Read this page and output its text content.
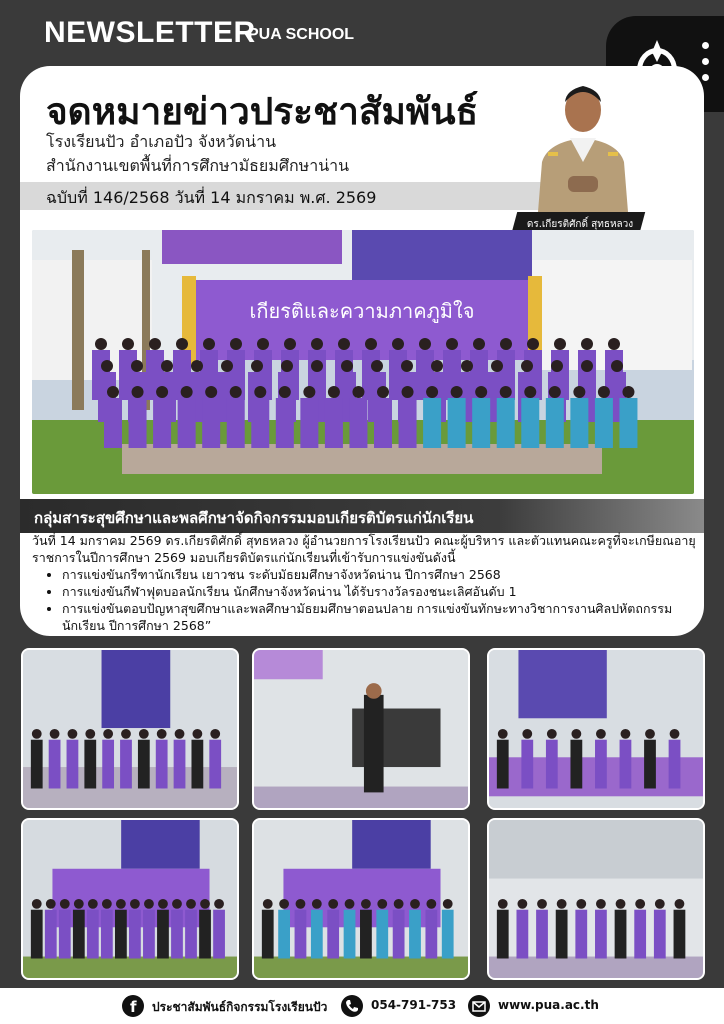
NEWSLETTER
PUA SCHOOL
จดหมายข่าวประชาสัมพันธ์
โรงเรียนปัว อำเภอปัว จังหวัดน่าน
สำนักงานเขตพื้นที่การศึกษามัธยมศึกษาน่าน
ฉบับที่ 146/2568 วันที่ 14 มกราคม พ.ศ. 2569
ดร.เกียรติศักดิ์ สุทธหลวง
เกียรติและความภาคภูมิใจ
กลุ่มสาระสุขศึกษาและพลศึกษาจัดกิจกรรมมอบเกียรติบัตรแก่นักเรียน

วันที่ 14 มกราคม 2569 ดร.เกียรติศักดิ์ สุทธหลวง ผู้อำนวยการโรงเรียนปัว คณะผู้บริหาร และตัวแทนคณะครูที่จะเกษียณอายุราชการในปีการศึกษา 2569 มอบเกียรติบัตรแก่นักเรียนที่เข้ารับการแข่งขันดังนี้

• การแข่งขันกรีฑานักเรียน เยาวชน ระดับมัธยมศึกษาจังหวัดน่าน ปีการศึกษา 2568
• การแข่งขันกีฬาฟุตบอลนักเรียน นักศึกษาจังหวัดน่าน ได้รับรางวัลรองชนะเลิศอันดับ 1
• การแข่งขันตอบปัญหาสุขศึกษาและพลศึกษามัธยมศึกษาตอนปลาย การแข่งขันทักษะทางวิชาการงานศิลปหัตถกรรมนักเรียน ปีการศึกษา 2568”
f ประชาสัมพันธ์กิจกรรมโรงเรียนปัว	054-791-753	www.pua.ac.th
